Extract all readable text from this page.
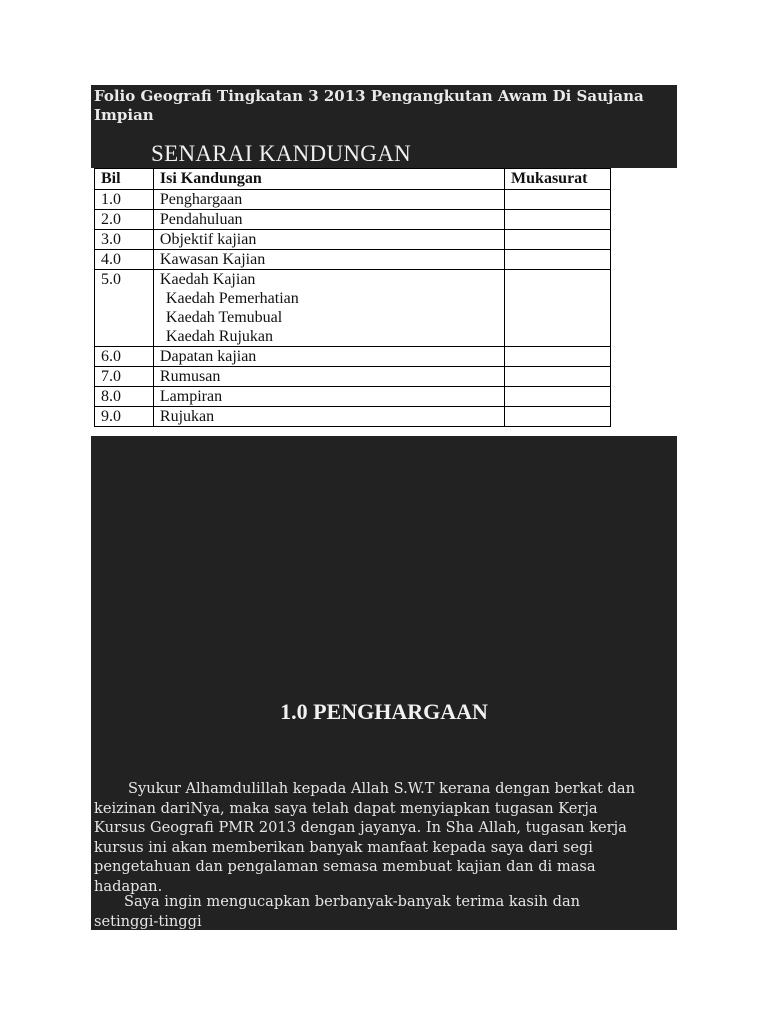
Folio Geografi Tingkatan 3 2013 Pengangkutan Awam Di Saujana Impian
SENARAI KANDUNGAN
Bil	Isi Kandungan	Mukasurat
1.0	Penghargaan	
2.0	Pendahuluan	
3.0	Objektif kajian	
4.0	Kawasan Kajian	
5.0	Kaedah Kajian
Kaedah Pemerhatian
Kaedah Temubual
Kaedah Rujukan	

6.0	Dapatan kajian	
7.0	Rumusan	
8.0	Lampiran	
9.0	Rujukan	
1.0 PENGHARGAAN
Syukur Alhamdulillah kepada Allah S.W.T kerana dengan berkat dan keizinan dariNya, maka saya telah dapat menyiapkan tugasan Kerja Kursus Geografi PMR 2013 dengan jayanya. In Sha Allah, tugasan kerja kursus ini akan memberikan banyak manfaat kepada saya dari segi pengetahuan dan pengalaman semasa membuat kajian dan di masa hadapan.
Saya ingin mengucapkan berbanyak-banyak terima kasih dan setinggi-tinggi
